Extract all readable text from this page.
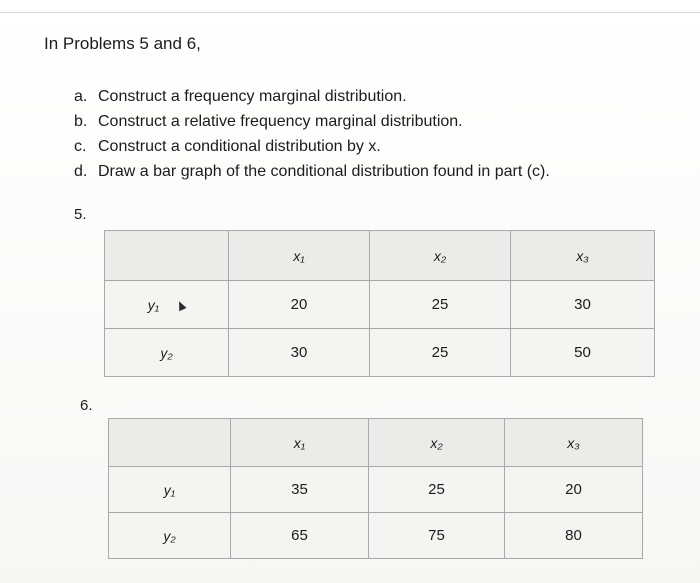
In Problems 5 and 6,
a. Construct a frequency marginal distribution.
b. Construct a relative frequency marginal distribution.
c. Construct a conditional distribution by x.
d. Draw a bar graph of the conditional distribution found in part (c).
5.
	x₁	x₂	x₃
y₁	20	25	30
y₂	30	25	50
6.
	x₁	x₂	x₃
y₁	35	25	20
y₂	65	75	80
